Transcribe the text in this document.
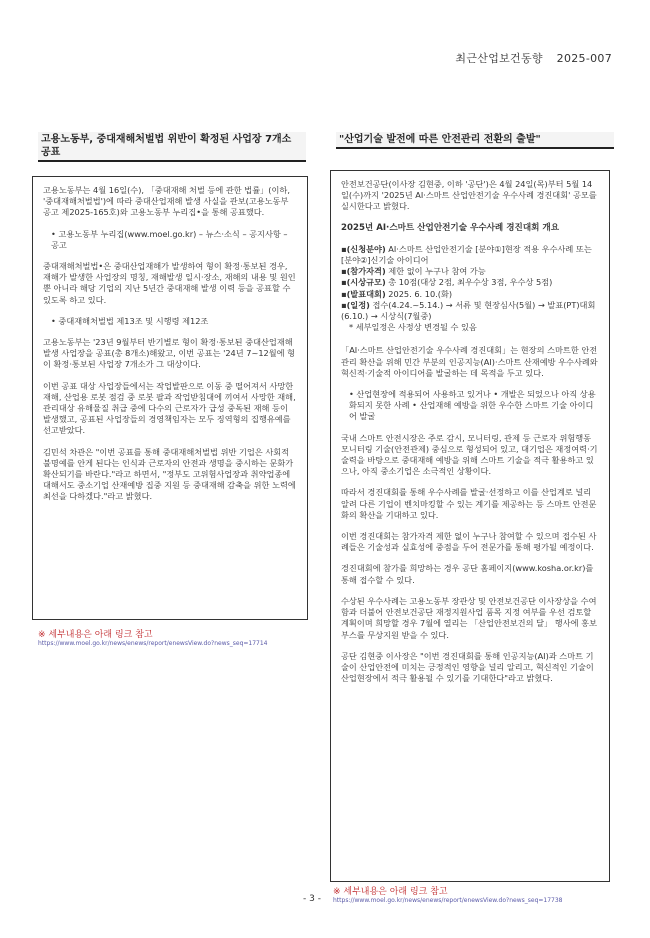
최근산업보건동향 2025-007
고용노동부, 중대재해처벌법 위반이 확정된 사업장 7개소 공표

고용노동부는 4월 16일(수), 「중대재해 처벌 등에 관한 법률」(이하, '중대재해처벌법')에 따라 중대산업재해 발생 사실을 관보(고용노동부 공고 제2025-165호)와 고용노동부 누리집•을 통해 공표했다.

• 고용노동부 누리집(www.moel.go.kr) – 뉴스·소식 – 공지사항 – 공고

중대재해처벌법•은 중대산업재해가 발생하여 형이 확정·통보된 경우, 재해가 발생한 사업장의 명칭, 재해발생 일시·장소, 재해의 내용 및 원인뿐 아니라 해당 기업의 지난 5년간 중대재해 발생 이력 등을 공표할 수 있도록 하고 있다.

• 중대재해처벌법 제13조 및 시행령 제12조

고용노동부는 '23년 9월부터 반기별로 형이 확정·통보된 중대산업재해 발생 사업장을 공표(총 8개소)해왔고, 이번 공표는 '24년 7~12월에 형이 확정·통보된 사업장 7개소가 그 대상이다.

이번 공표 대상 사업장들에서는 작업발판으로 이동 중 떨어져서 사망한 재해, 산업용 로봇 점검 중 로봇 팔과 작업받침대에 끼여서 사망한 재해, 관리대상 유해물질 취급 중에 다수의 근로자가 급성 중독된 재해 등이 발생했고, 공표된 사업장들의 경영책임자는 모두 징역형의 집행유예를 선고받았다.

김민석 차관은 "이번 공표를 통해 중대재해처벌법 위반 기업은 사회적 불명예를 안게 된다는 인식과 근로자의 안전과 생명을 중시하는 문화가 확산되기를 바란다."라고 하면서, "정부도 고위험사업장과 취약업종에 대해서도 중소기업 산재예방 집중 지원 등 중대재해 감축을 위한 노력에 최선을 다하겠다."라고 밝혔다.

※ 세부내용은 아래 링크 참고
https://www.moel.go.kr/news/enews/report/enewsView.do?news_seq=17714
"산업기술 발전에 따른 안전관리 전환의 출발"

안전보건공단(이사장 김현중, 이하 '공단')은 4월 24일(목)부터 5월 14일(수)까지 '2025년 AI·스마트 산업안전기술 우수사례 경진대회' 공모를 실시한다고 밝혔다.

2025년 AI·스마트 산업안전기술 우수사례 경진대회 개요
▪(신청분야) AI·스마트 산업안전기술 [분야①]현장 적용 우수사례 또는 [분야②]신기술 아이디어
▪(참가자격) 제한 없이 누구나 참여 가능
▪(시상규모) 총 10점(대상 2점, 최우수상 3점, 우수상 5점)
▪(발표대회) 2025. 6. 10.(화)
▪(일정) 접수(4.24.~5.14.) → 서류 및 현장심사(5월) → 발표(PT)대회(6.10.) → 시상식(7월중)
* 세부일정은 사정상 변경될 수 있음

「AI·스마트 산업안전기술 우수사례 경진대회」는 현장의 스마트한 안전관리 확산을 위해 민간 부분의 인공지능(AI)·스마트 산재예방 우수사례와 혁신적·기술적 아이디어를 발굴하는 데 목적을 두고 있다.

• 산업현장에 적용되어 사용하고 있거나 • 개발은 되었으나 아직 상용화되지 못한 사례 • 산업재해 예방을 위한 우수한 스마트 기술 아이디어 발굴

국내 스마트 안전시장은 주로 감시, 모니터링, 관제 등 근로자 위험행동 모니터링 기술(안전관제) 중심으로 형성되어 있고, 대기업은 재정여력·기술력을 바탕으로 중대재해 예방을 위해 스마트 기술을 적극 활용하고 있으나, 아직 중소기업은 소극적인 상황이다.

따라서 경진대회를 통해 우수사례를 발굴·선정하고 이를 산업계로 널리 알려 다른 기업이 벤치마킹할 수 있는 계기를 제공하는 등 스마트 안전문화의 확산을 기대하고 있다.

이번 경진대회는 참가자격 제한 없이 누구나 참여할 수 있으며 접수된 사례들은 기술성과 실효성에 중점을 두어 전문가를 통해 평가될 예정이다.

경진대회에 참가를 희망하는 경우 공단 홈페이지(www.kosha.or.kr)를 통해 접수할 수 있다.

수상된 우수사례는 고용노동부 장관상 및 안전보건공단 이사장상을 수여함과 더불어 안전보건공단 재정지원사업 품목 지정 여부를 우선 검토할 계획이며 희망할 경우 7월에 열리는 「산업안전보건의 달」 행사에 홍보부스를 무상지원 받을 수 있다.

공단 김현중 이사장은 "이번 경진대회를 통해 인공지능(AI)과 스마트 기술이 산업안전에 미치는 긍정적인 영향을 널리 알리고, 혁신적인 기술이 산업현장에서 적극 활용될 수 있기를 기대한다"라고 밝혔다.

※ 세부내용은 아래 링크 참고
https://www.moel.go.kr/news/enews/report/enewsView.do?news_seq=17738
- 3 -
